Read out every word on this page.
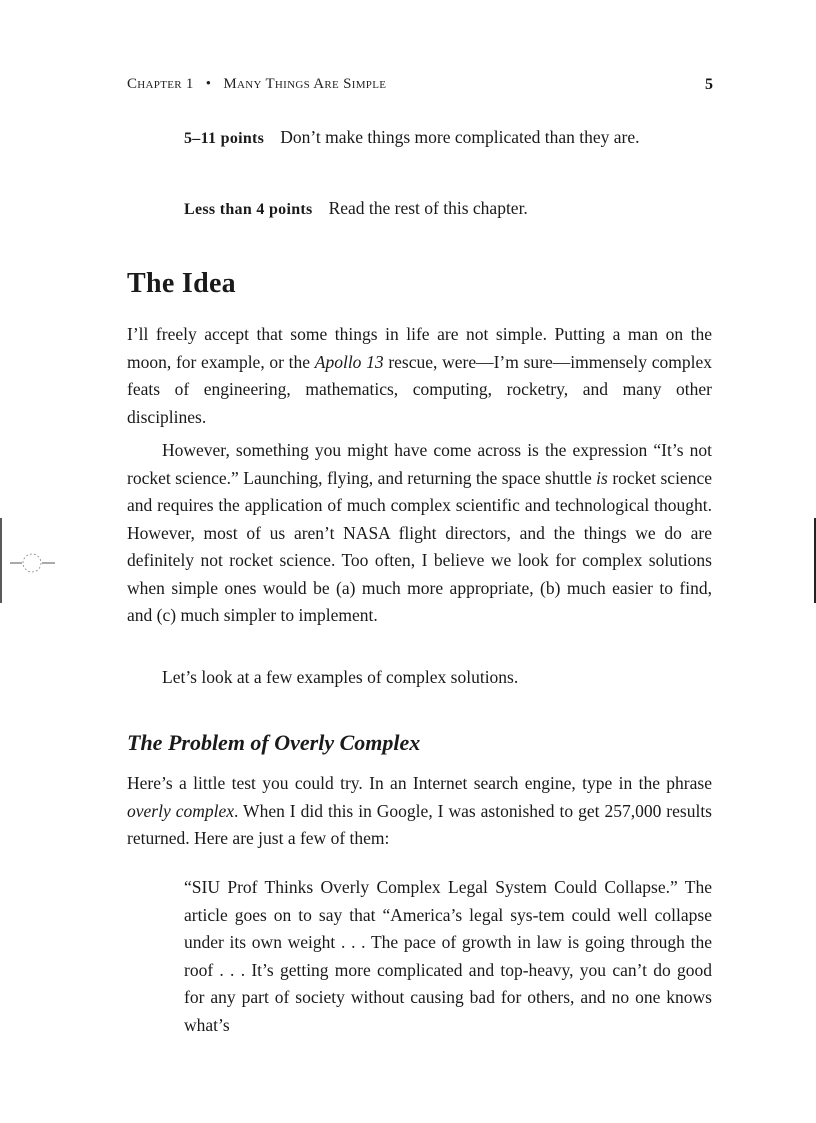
Chapter 1 • Many Things Are Simple	5

5–11 points Don’t make things more complicated than they are.

Less than 4 points Read the rest of this chapter.

The Idea

I’ll freely accept that some things in life are not simple. Putting a man on the moon, for example, or the Apollo 13 rescue, were—I’m sure—immensely complex feats of engineering, mathematics, computing, rocketry, and many other disciplines.

However, something you might have come across is the expression “It’s not rocket science.” Launching, flying, and returning the space shuttle is rocket science and requires the application of much complex scientific and technological thought. However, most of us aren’t NASA flight directors, and the things we do are definitely not rocket science. Too often, I believe we look for complex solutions when simple ones would be (a) much more appropriate, (b) much easier to find, and (c) much simpler to implement.

Let’s look at a few examples of complex solutions.

The Problem of Overly Complex

Here’s a little test you could try. In an Internet search engine, type in the phrase overly complex. When I did this in Google, I was astonished to get 257,000 results returned. Here are just a few of them:

“SIU Prof Thinks Overly Complex Legal System Could Collapse.” The article goes on to say that “America’s legal sys-tem could well collapse under its own weight . . . The pace of growth in law is going through the roof . . . It’s getting more complicated and top-heavy, you can’t do good for any part of society without causing bad for others, and no one knows what’s
